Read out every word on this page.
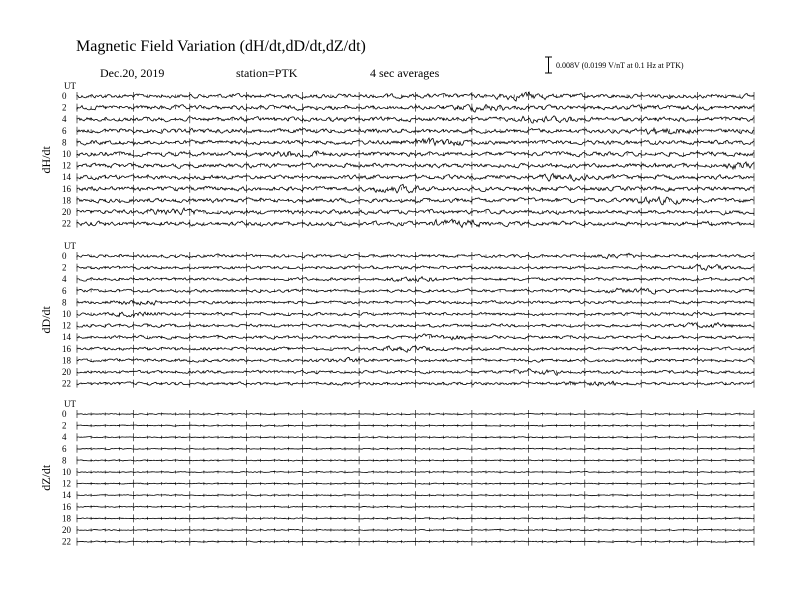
Magnetic Field Variation (dH/dt,dD/dt,dZ/dt)
Dec.20, 2019	station=PTK	4 sec averages
0.008V (0.0199 V/nT at 0.1 Hz at PTK)
UT
dH/dt
0
2
4
6
8
10
12
14
16
18
20
22
UT
dD/dt
0
2
4
6
8
10
12
14
16
18
20
22
UT
dZ/dt
0
2
4
6
8
10
12
14
16
18
20
22
